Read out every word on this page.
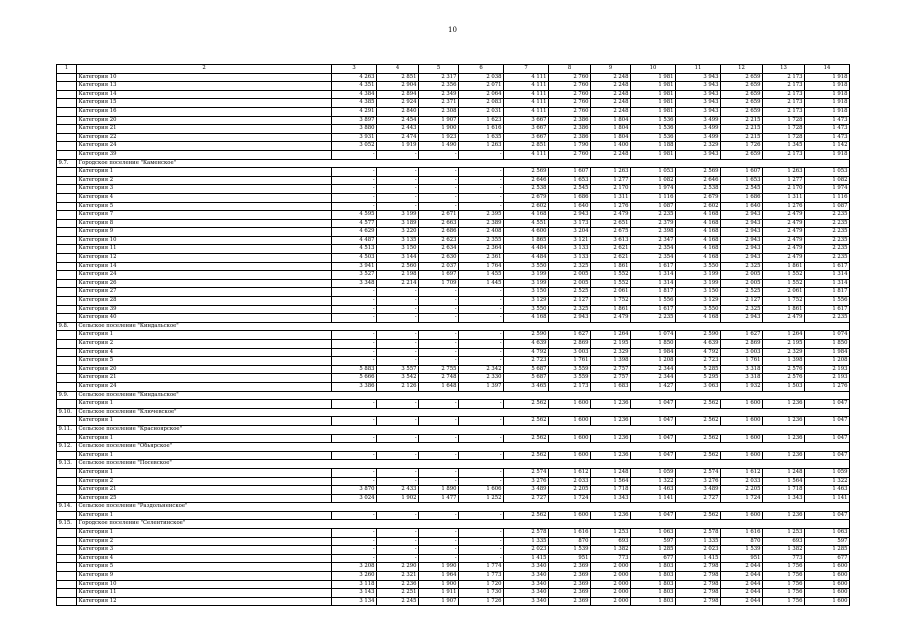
10
1	2	3	4	5	6	7	8	9	10	11	12	13	14
	Категория 10	4 263	2 851	2 317	2 038	4 111	2 760	2 248	1 981	3 943	2 659	2 173	1 918
	Категория 13	4 351	2 904	2 356	2 071	4 111	2 760	2 248	1 981	3 943	2 659	2 173	1 918
	Категория 14	4 384	2 894	2 349	2 064	4 111	2 760	2 248	1 981	3 943	2 659	2 173	1 918
	Категория 15	4 385	2 924	2 371	2 083	4 111	2 760	2 248	1 981	3 943	2 659	2 173	1 918
	Категория 16	4 291	2 840	2 308	2 031	4 111	2 760	2 248	1 981	3 943	2 659	2 173	1 918
	Категория 20	3 897	2 454	1 907	1 623	3 667	2 386	1 804	1 536	3 499	2 215	1 728	1 473
	Категория 21	3 880	2 443	1 900	1 616	3 667	2 386	1 804	1 536	3 499	2 215	1 728	1 473
	Категория 22	3 931	2 474	1 923	1 635	3 667	2 386	1 804	1 536	3 499	2 215	1 728	1 473
	Категория 24	3 052	1 919	1 490	1 263	2 851	1 790	1 400	1 188	2 329	1 726	1 345	1 142
	Категория 39	-	-	-	-	4 111	2 760	2 248	1 981	3 943	2 659	2 173	1 918
9.7.	Городское поселение "Каменское"												
	Категория 1	-	-	-	-	2 569	1 607	1 263	1 053	2 569	1 607	1 263	1 053
	Категория 2	-	-	-	-	2 646	1 653	1 277	1 082	2 646	1 653	1 277	1 082
	Категория 3	-	-	-	-	2 538	2 545	2 170	1 974	2 538	2 545	2 170	1 974
	Категория 4	-	-	-	-	2 679	1 686	1 311	1 116	2 679	1 686	1 311	1 116
	Категория 5	-	-	-	-	2 602	1 640	1 276	1 087	2 602	1 640	1 276	1 087
	Категория 7	4 595	3 199	2 671	2 395	4 168	2 943	2 479	2 235	4 168	2 943	2 479	2 235
	Категория 8	4 577	3 189	2 663	2 389	4 551	3 173	2 651	2 379	4 168	2 943	2 479	2 235
	Категория 9	4 629	3 220	2 686	2 408	4 600	3 204	2 675	2 398	4 168	2 943	2 479	2 235
	Категория 10	4 487	3 135	2 623	2 355	1 865	3 121	3 613	2 347	4 168	2 943	2 479	2 235
	Категория 11	4 513	3 150	2 634	2 364	4 484	3 133	2 621	2 354	4 168	2 943	2 479	2 235
	Категория 12	4 503	3 144	2 630	2 361	4 484	3 133	2 621	2 354	4 168	2 943	2 479	2 235
	Категория 14	3 941	2 560	2 037	1 764	3 550	2 325	1 861	1 617	3 550	2 325	1 861	1 617
	Категория 24	3 527	2 198	1 697	1 455	3 199	2 005	1 552	1 314	3 199	2 005	1 552	1 314
	Категория 26	3 348	2 214	1 709	1 445	3 199	2 005	1 552	1 314	3 199	2 005	1 552	1 314
	Категория 27	-	-	-	-	3 150	2 525	2 061	1 817	3 150	2 525	2 061	1 817
	Категория 28	-	-	-	-	3 129	2 127	1 752	1 556	3 129	2 127	1 752	1 556
	Категория 39	-	-	-	-	3 550	2 325	1 861	1 617	3 550	2 325	1 861	1 617
	Категория 40	-	-	-	-	4 168	2 943	2 479	2 235	4 168	2 943	2 479	2 235
9.8.	Сельское поселение "Киндальское"												
	Категория 1	-	-	-	-	2 590	1 627	1 264	1 074	2 590	1 627	1 264	1 074
	Категория 2	-	-	-	-	4 639	2 869	2 195	1 850	4 639	2 869	2 195	1 850
	Категория 4	-	-	-	-	4 792	3 003	2 329	1 984	4 792	3 003	2 329	1 984
	Категория 5	-	-	-	-	2 723	1 761	1 398	1 208	2 723	1 761	1 398	1 208
	Категория 20	5 883	3 557	2 755	2 342	5 687	3 559	2 757	2 344	5 285	3 318	2 576	2 193
	Категория 21	5 666	3 542	2 748	2 330	5 687	3 559	2 757	2 344	5 295	3 318	2 576	2 193
	Категория 24	3 386	2 126	1 648	1 397	3 465	2 173	1 683	1 427	3 063	1 932	1 503	1 276
9.9.	Сельское поселение "Киндальское"												
	Категория 1	-	-	-	-	2 562	1 600	1 236	1 047	2 562	1 600	1 236	1 047
9.10.	Сельское поселение "Ключевское"												
	Категория 1	-	-	-	-	2 562	1 600	1 236	1 047	2 562	1 600	1 236	1 047
9.11.	Сельское поселение "Красноярское"												
	Категория 1	-	-	-	-	2 562	1 600	1 236	1 047	2 562	1 600	1 236	1 047
9.12.	Сельское поселение "Обьярское"												
	Категория 1	-	-	-	-	2 562	1 600	1 236	1 047	2 562	1 600	1 236	1 047
9.13.	Сельское поселение "Посевское"												
	Категория 1	-	-	-	-	2 574	1 612	1 248	1 059	2 574	1 612	1 248	1 059
	Категория 2	-	-	-	-	3 276	2 033	1 564	1 322	3 276	2 033	1 564	1 322
	Категория 21	3 870	2 433	1 890	1 606	3 489	2 205	1 718	1 463	3 489	2 205	1 718	1 463
	Категория 25	3 024	1 902	1 477	1 252	2 727	1 724	1 343	1 141	2 727	1 724	1 343	1 141
9.14.	Сельское поселение "Раздольненское"												
	Категория 1	-	-	-	-	2 562	1 600	1 236	1 047	2 562	1 600	1 236	1 047
9.15.	Городское поселение "Селентинское"												
	Категория 1	-	-	-	-	2 578	1 616	1 253	1 063	2 578	1 616	1 253	1 063
	Категория 2	-	-	-	-	1 335	870	693	597	1 335	870	693	597
	Категория 3	-	-	-	-	2 023	1 539	1 382	1 285	2 023	1 539	1 382	1 285
	Категория 4	-	-	-	-	1 415	951	773	677	1 415	951	773	677
	Категория 5	3 208	2 290	1 990	1 774	3 340	2 369	2 000	1 803	2 798	2 044	1 756	1 600
	Категория 9	3 260	2 321	1 964	1 773	3 340	2 369	2 000	1 803	2 798	2 044	1 756	1 600
	Категория 10	3 118	2 236	1 900	1 720	3 340	2 369	2 000	1 803	2 798	2 044	1 756	1 600
	Категория 11	3 143	2 251	1 911	1 730	3 340	2 369	2 000	1 803	2 798	2 044	1 756	1 600
	Категория 12	3 134	2 245	1 907	1 726	3 340	2 369	2 000	1 803	2 798	2 044	1 756	1 600
